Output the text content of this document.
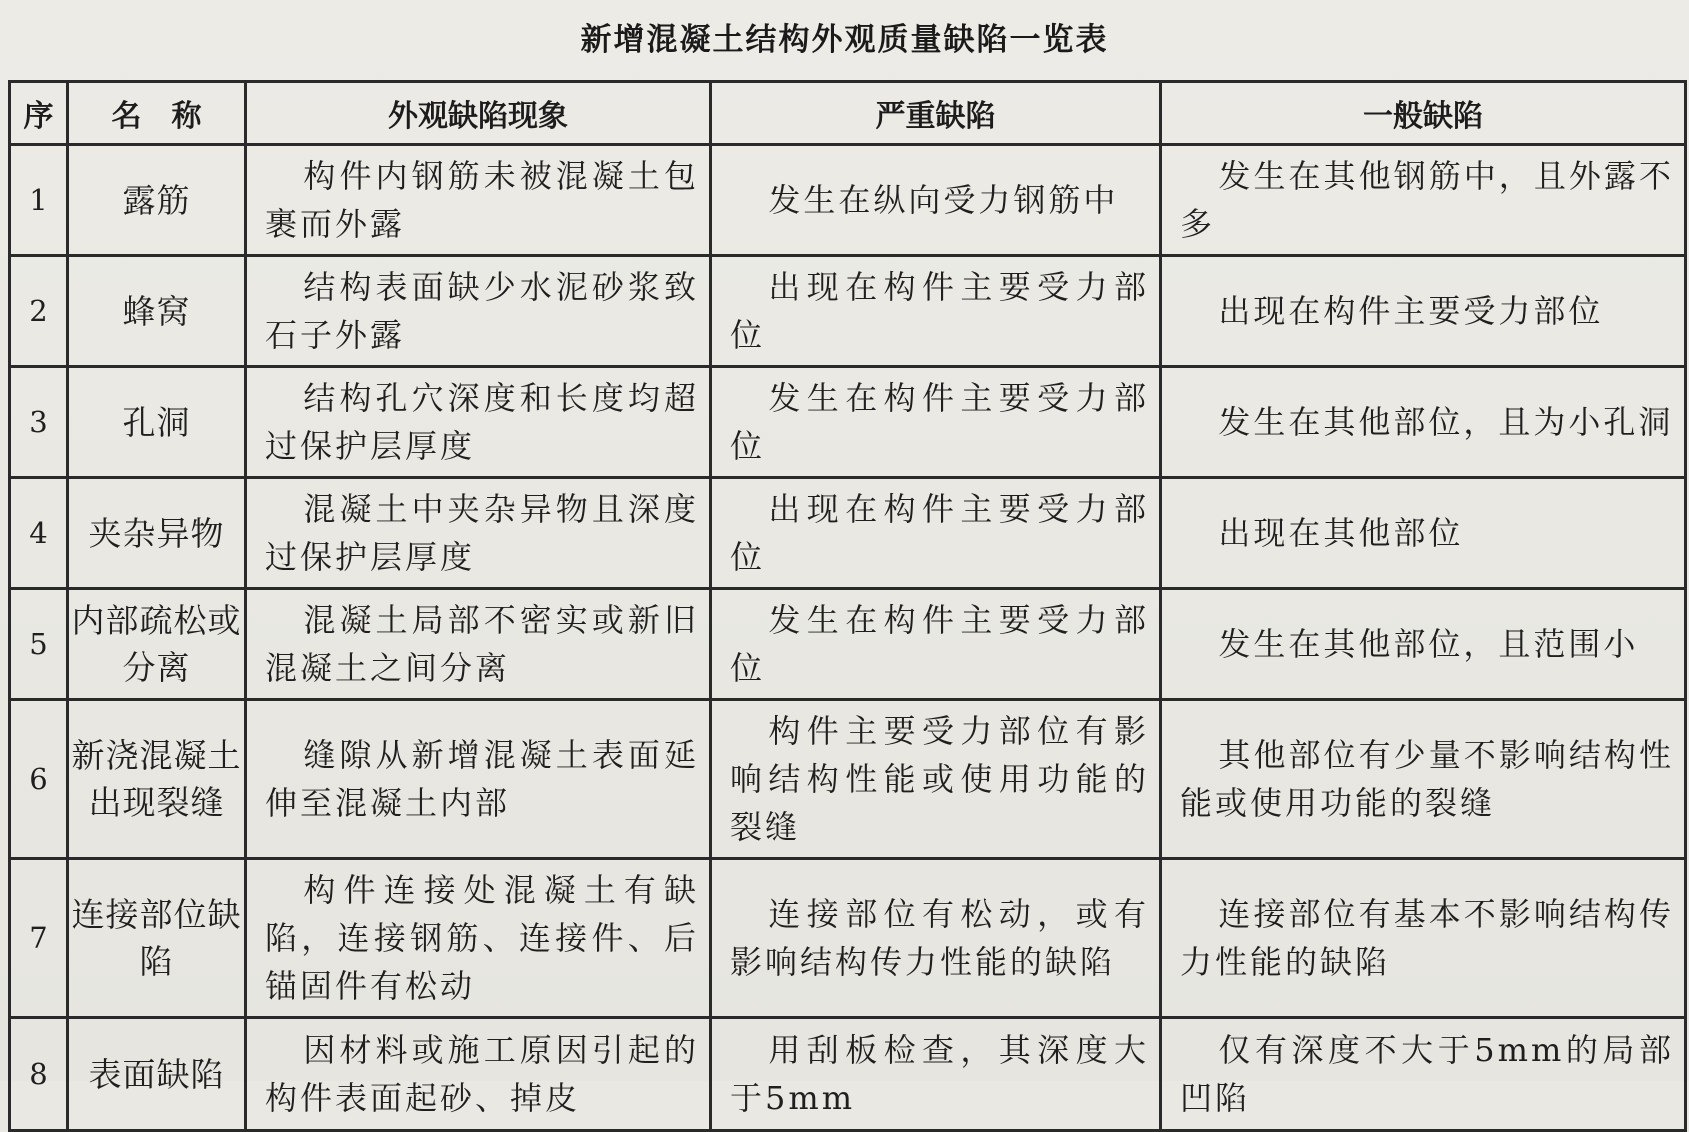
新增混凝土结构外观质量缺陷一览表
序	名　称	外观缺陷现象	严重缺陷	一般缺陷
1	露筋	构件内钢筋未被混凝土包裹而外露	发生在纵向受力钢筋中	发生在其他钢筋中，且外露不多

2	蜂窝	结构表面缺少水泥砂浆致石子外露	出现在构件主要受力部位	出现在构件主要受力部位

3	孔洞	结构孔穴深度和长度均超过保护层厚度	发生在构件主要受力部位	发生在其他部位，且为小孔洞

4	夹杂异物	混凝土中夹杂异物且深度过保护层厚度	出现在构件主要受力部位	出现在其他部位

5	内部疏松或分离	混凝土局部不密实或新旧混凝土之间分离	发生在构件主要受力部位	发生在其他部位，且范围小

6	新浇混凝土出现裂缝	缝隙从新增混凝土表面延伸至混凝土内部	构件主要受力部位有影响结构性能或使用功能的裂缝	其他部位有少量不影响结构性能或使用功能的裂缝

7	连接部位缺陷	构件连接处混凝土有缺陷，连接钢筋、连接件、后锚固件有松动	连接部位有松动，或有影响结构传力性能的缺陷	连接部位有基本不影响结构传力性能的缺陷

8	表面缺陷	因材料或施工原因引起的构件表面起砂、掉皮	用刮板检查，其深度大于5mm	仅有深度不大于5mm的局部凹陷
